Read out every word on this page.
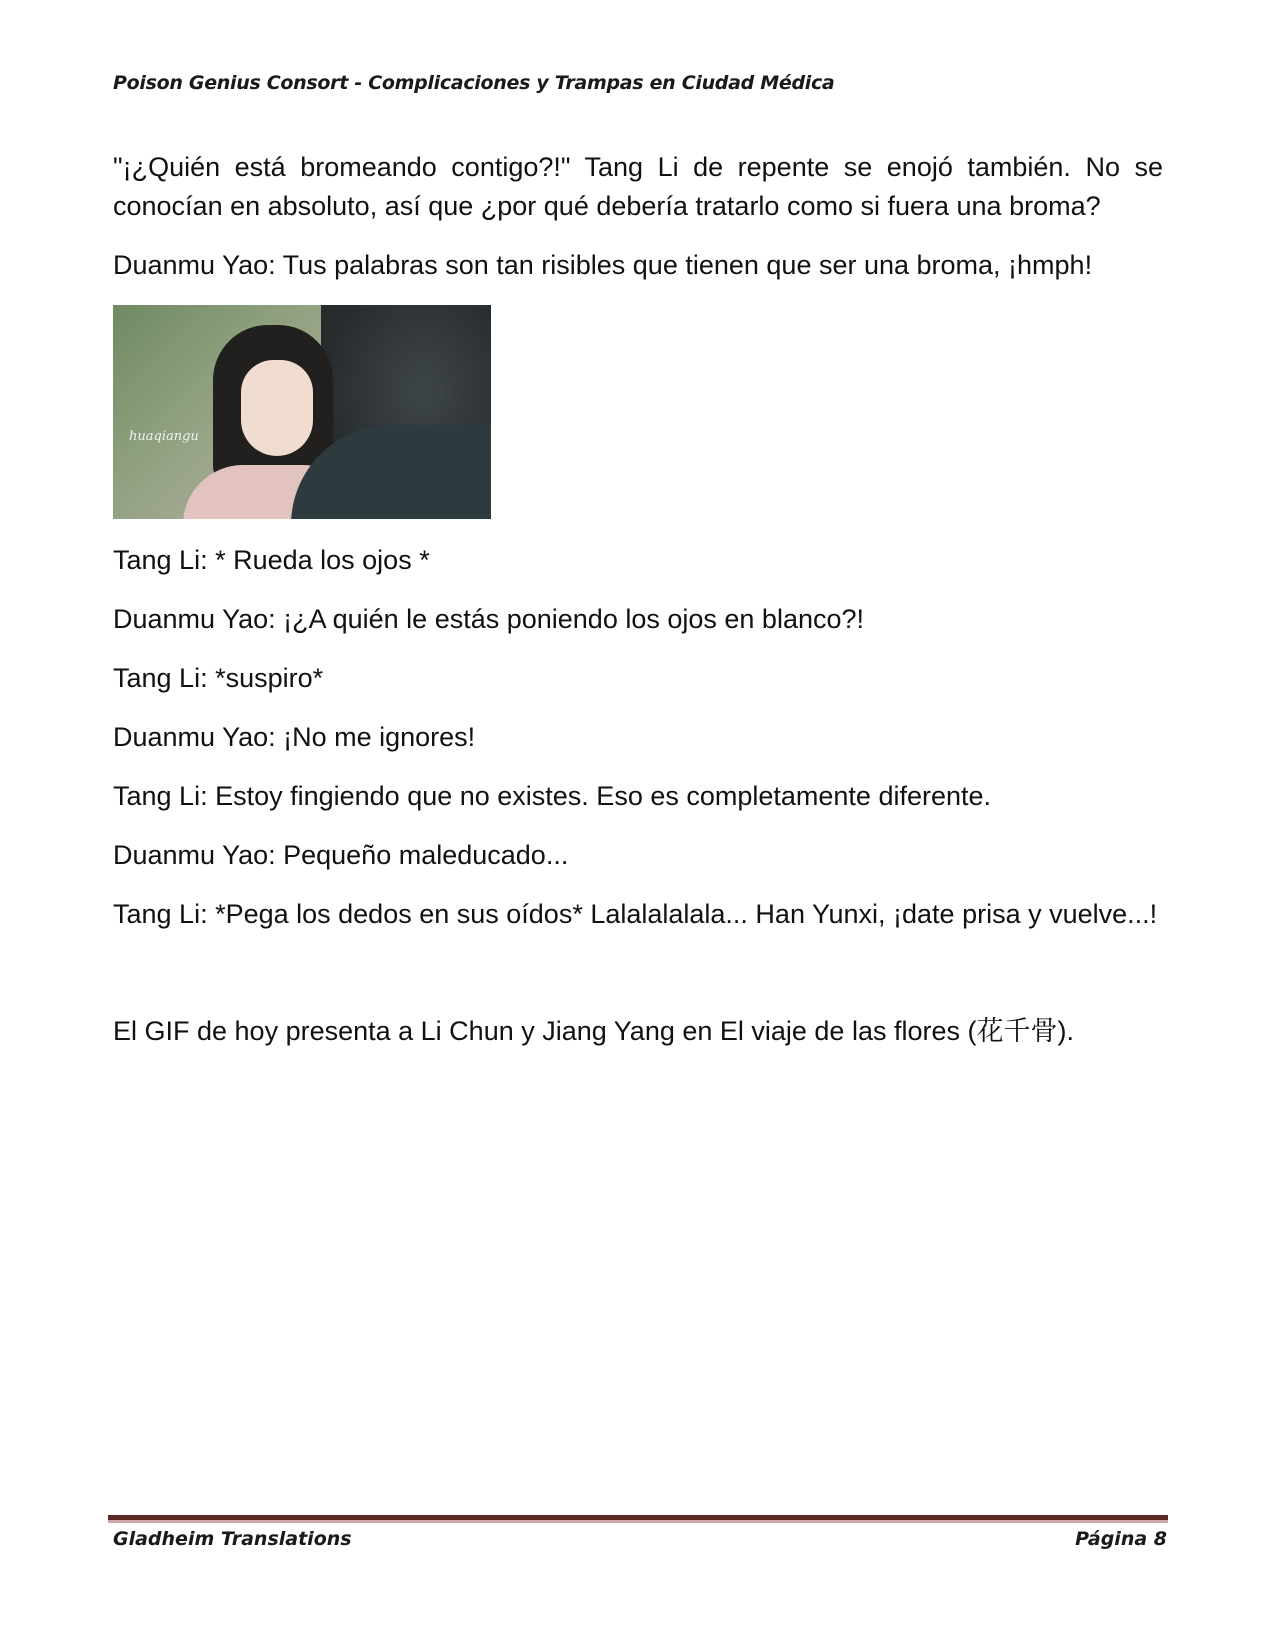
Poison Genius Consort - Complicaciones y Trampas en Ciudad Médica

"¡¿Quién está bromeando contigo?!" Tang Li de repente se enojó también. No se conocían en absoluto, así que ¿por qué debería tratarlo como si fuera una broma?

Duanmu Yao: Tus palabras son tan risibles que tienen que ser una broma, ¡hmph!

huaqiangu

Tang Li: * Rueda los ojos *

Duanmu Yao: ¡¿A quién le estás poniendo los ojos en blanco?!

Tang Li: *suspiro*

Duanmu Yao: ¡No me ignores!

Tang Li: Estoy fingiendo que no existes. Eso es completamente diferente.

Duanmu Yao: Pequeño maleducado...

Tang Li: *Pega los dedos en sus oídos* Lalalalalala... Han Yunxi, ¡date prisa y vuelve...!

El GIF de hoy presenta a Li Chun y Jiang Yang en El viaje de las flores (花千骨).

Gladheim Translations	Página 8
